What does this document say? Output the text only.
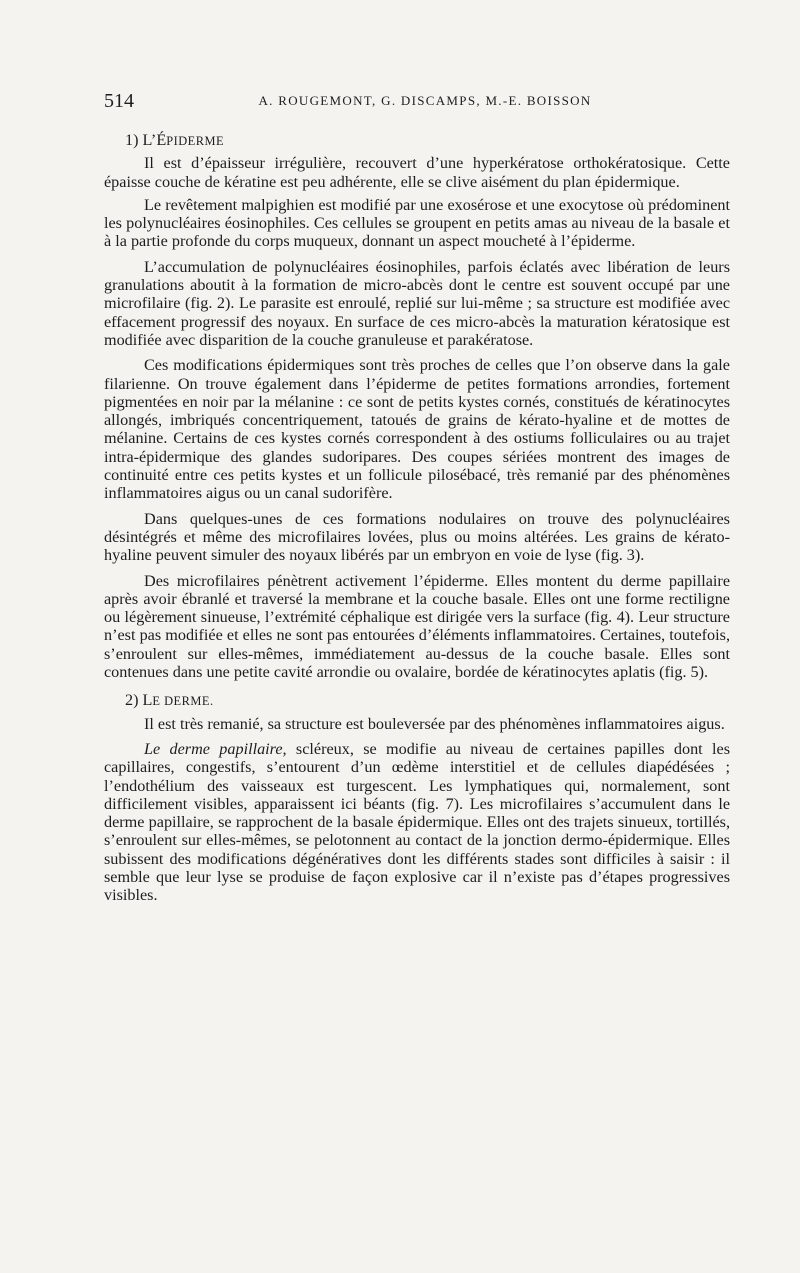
514	A. ROUGEMONT, G. DISCAMPS, M.-E. BOISSON
1) L’ÉPIDERME

Il est d’épaisseur irrégulière, recouvert d’une hyperkératose orthokératosique. Cette épaisse couche de kératine est peu adhérente, elle se clive aisément du plan épidermique.

Le revêtement malpighien est modifié par une exosérose et une exocytose où prédominent les polynucléaires éosinophiles. Ces cellules se groupent en petits amas au niveau de la basale et à la partie profonde du corps muqueux, donnant un aspect moucheté à l’épiderme.

L’accumulation de polynucléaires éosinophiles, parfois éclatés avec libération de leurs granulations aboutit à la formation de micro-abcès dont le centre est souvent occupé par une microfilaire (fig. 2). Le parasite est enroulé, replié sur lui-même ; sa structure est modifiée avec effacement progressif des noyaux. En surface de ces micro-abcès la maturation kératosique est modifiée avec disparition de la couche granuleuse et parakératose.

Ces modifications épidermiques sont très proches de celles que l’on observe dans la gale filarienne. On trouve également dans l’épiderme de petites formations arrondies, fortement pigmentées en noir par la mélanine : ce sont de petits kystes cornés, constitués de kératinocytes allongés, imbriqués concentriquement, tatoués de grains de kérato-hyaline et de mottes de mélanine. Certains de ces kystes cornés correspondent à des ostiums folliculaires ou au trajet intra-épidermique des glandes sudoripares. Des coupes sériées montrent des images de continuité entre ces petits kystes et un follicule pilosébacé, très remanié par des phénomènes inflammatoires aigus ou un canal sudorifère.

Dans quelques-unes de ces formations nodulaires on trouve des polynucléaires désintégrés et même des microfilaires lovées, plus ou moins altérées. Les grains de kérato-hyaline peuvent simuler des noyaux libérés par un embryon en voie de lyse (fig. 3).

Des microfilaires pénètrent activement l’épiderme. Elles montent du derme papillaire après avoir ébranlé et traversé la membrane et la couche basale. Elles ont une forme rectiligne ou légèrement sinueuse, l’extrémité céphalique est dirigée vers la surface (fig. 4). Leur structure n’est pas modifiée et elles ne sont pas entourées d’éléments inflammatoires. Certaines, toutefois, s’enroulent sur elles-mêmes, immédiatement au-dessus de la couche basale. Elles sont contenues dans une petite cavité arrondie ou ovalaire, bordée de kératinocytes aplatis (fig. 5).

2) LE DERME.

Il est très remanié, sa structure est bouleversée par des phénomènes inflammatoires aigus.

Le derme papillaire, scléreux, se modifie au niveau de certaines papilles dont les capillaires, congestifs, s’entourent d’un œdème interstitiel et de cellules diapédésées ; l’endothélium des vaisseaux est turgescent. Les lymphatiques qui, normalement, sont difficilement visibles, apparaissent ici béants (fig. 7). Les microfilaires s’accumulent dans le derme papillaire, se rapprochent de la basale épidermique. Elles ont des trajets sinueux, tortillés, s’enroulent sur elles-mêmes, se pelotonnent au contact de la jonction dermo-épidermique. Elles subissent des modifications dégénératives dont les différents stades sont difficiles à saisir : il semble que leur lyse se produise de façon explosive car il n’existe pas d’étapes progressives visibles.
